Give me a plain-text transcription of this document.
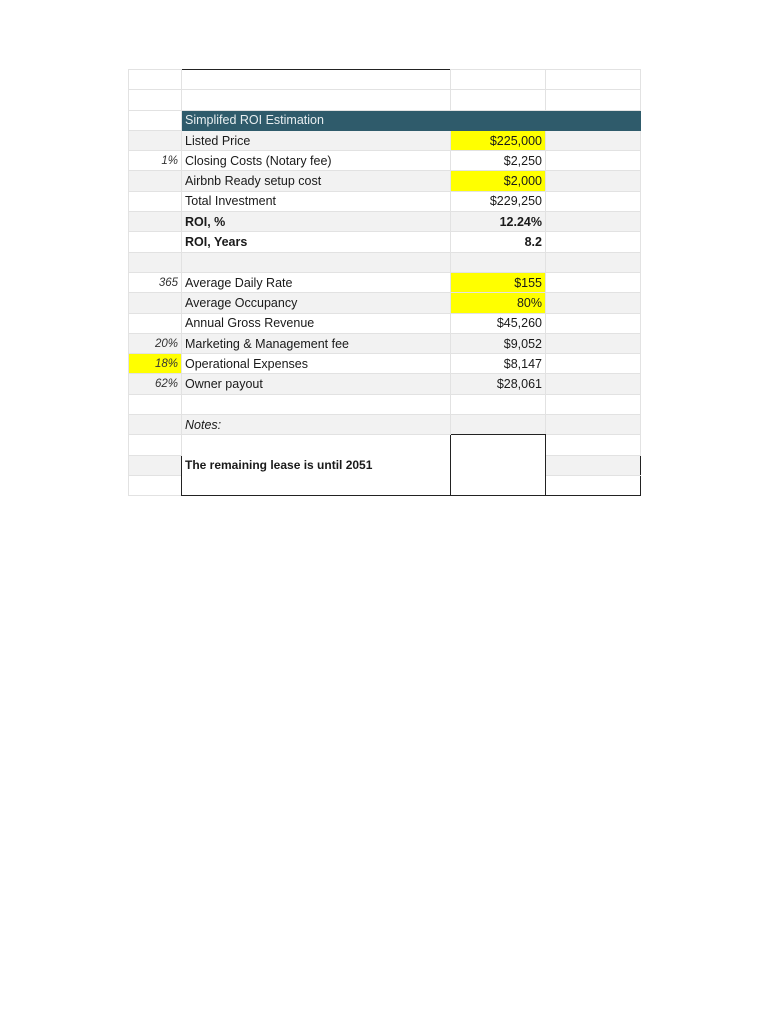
	Simplifed ROI Estimation		
	Listed Price	$225,000	
1%	Closing Costs (Notary fee)	$2,250	
	Airbnb Ready setup cost	$2,000	
	Total Investment	$229,250	
	ROI, %	12.24%	
	ROI, Years	8.2	

365	Average Daily Rate	$155	
	Average Occupancy	80%	
	Annual Gross Revenue	$45,260	
20%	Marketing & Management fee	$9,052	
18%	Operational Expenses	$8,147	
62%	Owner payout	$28,061	

	Notes:		
	The remaining lease is until 2051		
